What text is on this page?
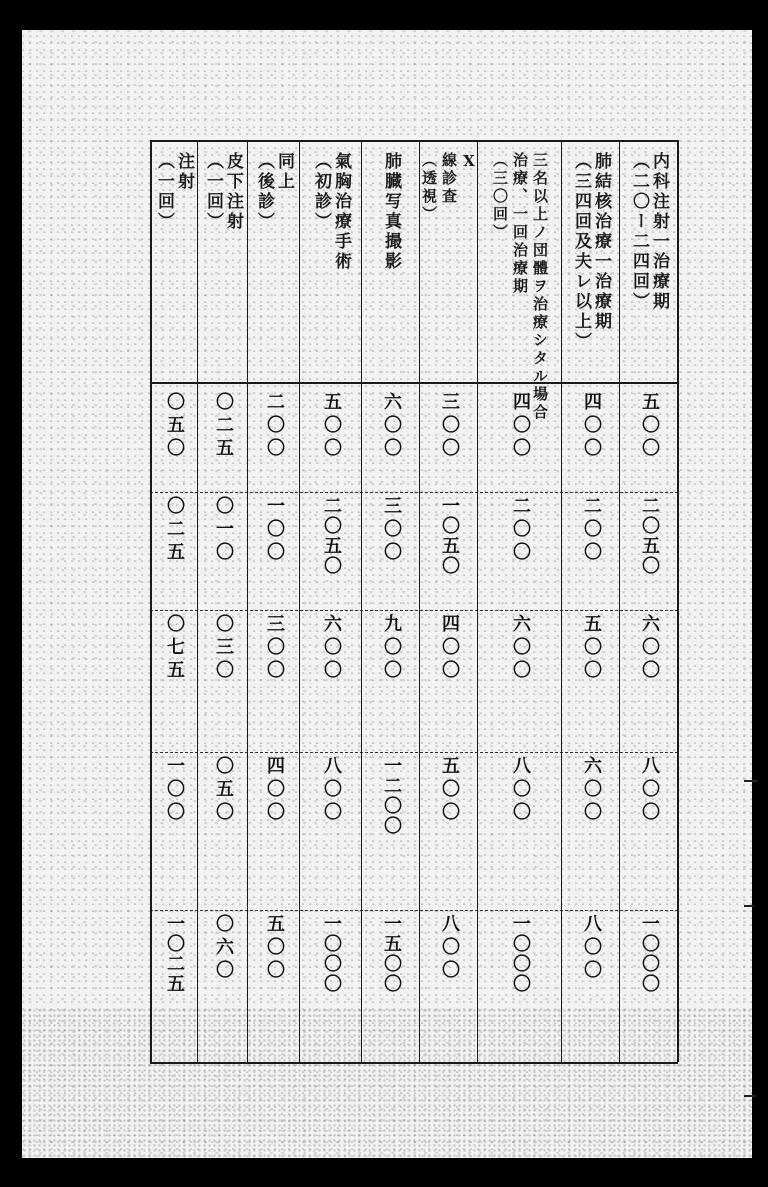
内科注射一治療期
（二〇ー二四回）
五〇〇
二〇五〇
六〇〇
八〇〇
一〇〇〇
肺結核治療一治療期
（三四回及夫レ以上）
四〇〇
二〇〇
五〇〇
六〇〇
八〇〇
三名以上ノ団體ヲ治療シタル場合
治療、一回治療期
（三〇回）
四〇〇
二〇〇
六〇〇
八〇〇
一〇〇〇
X
線診査
（透視）
三〇〇
一〇五〇
四〇〇
五〇〇
八〇〇
肺臓写真撮影
六〇〇
三〇〇
九〇〇
一二〇〇
一五〇〇
氣胸治療手術
（初診）
五〇〇
二〇五〇
六〇〇
八〇〇
一〇〇〇
同上
（後診）
二〇〇
一〇〇
三〇〇
四〇〇
五〇〇
皮下注射
（一回）
〇二五
〇一〇
〇三〇
〇五〇
〇六〇
注射
（一回）
〇五〇
〇二五
〇七五
一〇〇
一〇二五
